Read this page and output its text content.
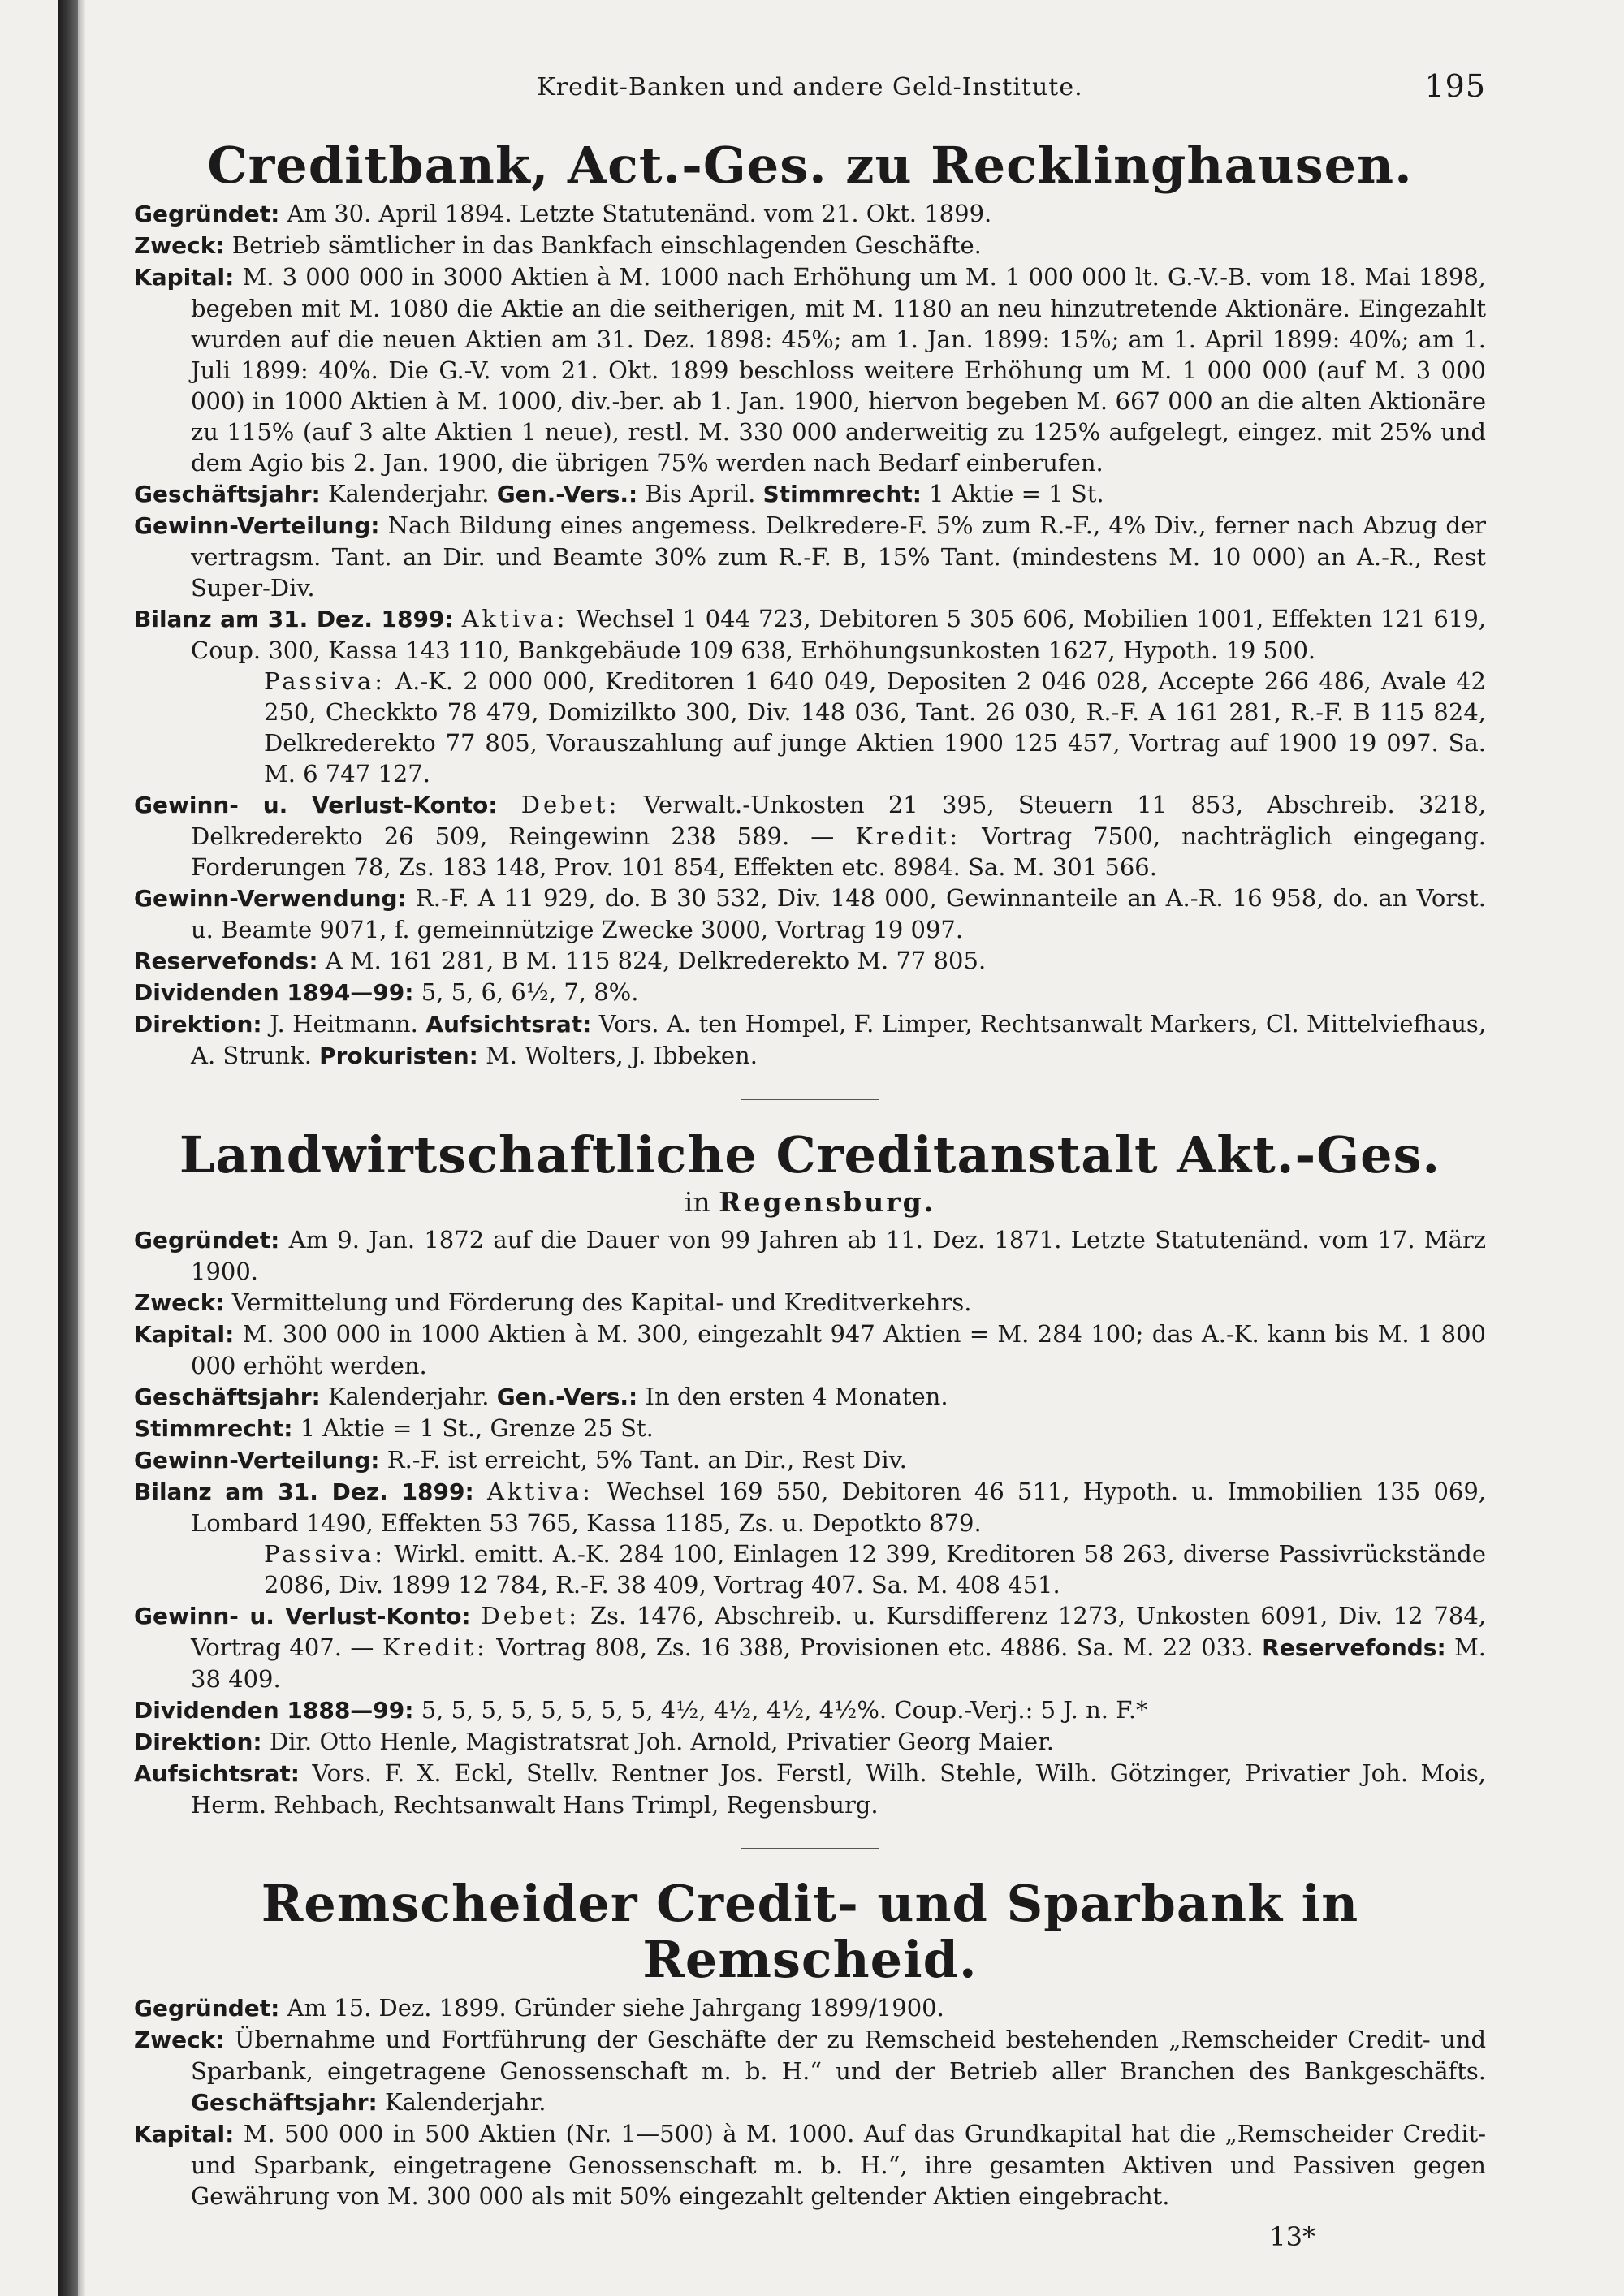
Kredit-Banken und andere Geld-Institute.	195
Creditbank, Act.-Ges. zu Recklinghausen.

Gegründet: Am 30. April 1894. Letzte Statutenänd. vom 21. Okt. 1899.

Zweck: Betrieb sämtlicher in das Bankfach einschlagenden Geschäfte.

Kapital: M. 3 000 000 in 3000 Aktien à M. 1000 nach Erhöhung um M. 1 000 000 lt. G.-V.-B. vom 18. Mai 1898, begeben mit M. 1080 die Aktie an die seitherigen, mit M. 1180 an neu hinzutretende Aktionäre. Eingezahlt wurden auf die neuen Aktien am 31. Dez. 1898: 45%; am 1. Jan. 1899: 15%; am 1. April 1899: 40%; am 1. Juli 1899: 40%. Die G.-V. vom 21. Okt. 1899 beschloss weitere Erhöhung um M. 1 000 000 (auf M. 3 000 000) in 1000 Aktien à M. 1000, div.-ber. ab 1. Jan. 1900, hiervon begeben M. 667 000 an die alten Aktionäre zu 115% (auf 3 alte Aktien 1 neue), restl. M. 330 000 anderweitig zu 125% aufgelegt, eingez. mit 25% und dem Agio bis 2. Jan. 1900, die übrigen 75% werden nach Bedarf einberufen.

Geschäftsjahr: Kalenderjahr. Gen.-Vers.: Bis April. Stimmrecht: 1 Aktie = 1 St.

Gewinn-Verteilung: Nach Bildung eines angemess. Delkredere-F. 5% zum R.-F., 4% Div., ferner nach Abzug der vertragsm. Tant. an Dir. und Beamte 30% zum R.-F. B, 15% Tant. (mindestens M. 10 000) an A.-R., Rest Super-Div.

Bilanz am 31. Dez. 1899: Aktiva: Wechsel 1 044 723, Debitoren 5 305 606, Mobilien 1001, Effekten 121 619, Coup. 300, Kassa 143 110, Bankgebäude 109 638, Erhöhungsunkosten 1627, Hypoth. 19 500.
Passiva: A.-K. 2 000 000, Kreditoren 1 640 049, Depositen 2 046 028, Accepte 266 486, Avale 42 250, Checkkto 78 479, Domizilkto 300, Div. 148 036, Tant. 26 030, R.-F. A 161 281, R.-F. B 115 824, Delkrederekto 77 805, Vorauszahlung auf junge Aktien 1900 125 457, Vortrag auf 1900 19 097. Sa. M. 6 747 127.

Gewinn- u. Verlust-Konto: Debet: Verwalt.-Unkosten 21 395, Steuern 11 853, Abschreib. 3218, Delkrederekto 26 509, Reingewinn 238 589. — Kredit: Vortrag 7500, nachträglich eingegang. Forderungen 78, Zs. 183 148, Prov. 101 854, Effekten etc. 8984. Sa. M. 301 566.

Gewinn-Verwendung: R.-F. A 11 929, do. B 30 532, Div. 148 000, Gewinnanteile an A.-R. 16 958, do. an Vorst. u. Beamte 9071, f. gemeinnützige Zwecke 3000, Vortrag 19 097.

Reservefonds: A M. 161 281, B M. 115 824, Delkrederekto M. 77 805.

Dividenden 1894—99: 5, 5, 6, 6½, 7, 8%.

Direktion: J. Heitmann. Aufsichtsrat: Vors. A. ten Hompel, F. Limper, Rechtsanwalt Markers, Cl. Mittelviefhaus, A. Strunk. Prokuristen: M. Wolters, J. Ibbeken.

Landwirtschaftliche Creditanstalt Akt.-Ges.
in Regensburg.

Gegründet: Am 9. Jan. 1872 auf die Dauer von 99 Jahren ab 11. Dez. 1871. Letzte Statutenänd. vom 17. März 1900.

Zweck: Vermittelung und Förderung des Kapital- und Kreditverkehrs.

Kapital: M. 300 000 in 1000 Aktien à M. 300, eingezahlt 947 Aktien = M. 284 100; das A.-K. kann bis M. 1 800 000 erhöht werden.

Geschäftsjahr: Kalenderjahr. Gen.-Vers.: In den ersten 4 Monaten.

Stimmrecht: 1 Aktie = 1 St., Grenze 25 St.

Gewinn-Verteilung: R.-F. ist erreicht, 5% Tant. an Dir., Rest Div.

Bilanz am 31. Dez. 1899: Aktiva: Wechsel 169 550, Debitoren 46 511, Hypoth. u. Immobilien 135 069, Lombard 1490, Effekten 53 765, Kassa 1185, Zs. u. Depotkto 879.
Passiva: Wirkl. emitt. A.-K. 284 100, Einlagen 12 399, Kreditoren 58 263, diverse Passivrückstände 2086, Div. 1899 12 784, R.-F. 38 409, Vortrag 407. Sa. M. 408 451.

Gewinn- u. Verlust-Konto: Debet: Zs. 1476, Abschreib. u. Kursdifferenz 1273, Unkosten 6091, Div. 12 784, Vortrag 407. — Kredit: Vortrag 808, Zs. 16 388, Provisionen etc. 4886. Sa. M. 22 033. Reservefonds: M. 38 409.

Dividenden 1888—99: 5, 5, 5, 5, 5, 5, 5, 5, 4½, 4½, 4½, 4½%. Coup.-Verj.: 5 J. n. F.*

Direktion: Dir. Otto Henle, Magistratsrat Joh. Arnold, Privatier Georg Maier.

Aufsichtsrat: Vors. F. X. Eckl, Stellv. Rentner Jos. Ferstl, Wilh. Stehle, Wilh. Götzinger, Privatier Joh. Mois, Herm. Rehbach, Rechtsanwalt Hans Trimpl, Regensburg.

Remscheider Credit- und Sparbank in Remscheid.

Gegründet: Am 15. Dez. 1899. Gründer siehe Jahrgang 1899/1900.

Zweck: Übernahme und Fortführung der Geschäfte der zu Remscheid bestehenden „Remscheider Credit- und Sparbank, eingetragene Genossenschaft m. b. H.“ und der Betrieb aller Branchen des Bankgeschäfts. Geschäftsjahr: Kalenderjahr.

Kapital: M. 500 000 in 500 Aktien (Nr. 1—500) à M. 1000. Auf das Grundkapital hat die „Remscheider Credit- und Sparbank, eingetragene Genossenschaft m. b. H.“, ihre gesamten Aktiven und Passiven gegen Gewährung von M. 300 000 als mit 50% eingezahlt geltender Aktien eingebracht.

13*
